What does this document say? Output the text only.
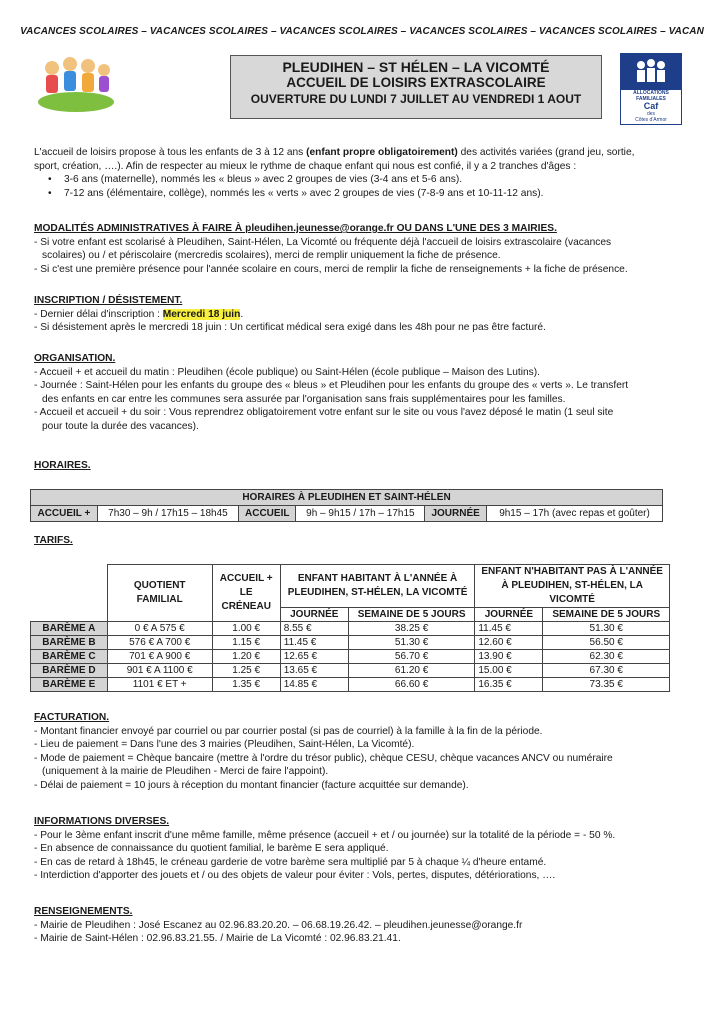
VACANCES SCOLAIRES – VACANCES SCOLAIRES – VACANCES SCOLAIRES – VACANCES SCOLAIRES – VACANCES SCOLAIRES – VACAN
PLEUDIHEN – ST HÉLEN – LA VICOMTÉ
ACCUEIL DE LOISIRS EXTRASCOLAIRE
OUVERTURE DU LUNDI 7 JUILLET AU VENDREDI 1 AOUT	ALLOCATIONS
FAMILIALES
Caf
des
Côtes d'Armor
L'accueil de loisirs propose à tous les enfants de 3 à 12 ans (enfant propre obligatoirement) des activités variées (grand jeu, sortie,
sport, création, ….). Afin de respecter au mieux le rythme de chaque enfant qui nous est confié, il y a 2 tranches d'âges :
• 3-6 ans (maternelle), nommés les « bleus » avec 2 groupes de vies (3-4 ans et 5-6 ans).
• 7-12 ans (élémentaire, collège), nommés les « verts » avec 2 groupes de vies (7-8-9 ans et 10-11-12 ans).
MODALITÉS ADMINISTRATIVES À FAIRE À pleudihen.jeunesse@orange.fr OU DANS L'UNE DES 3 MAIRIES.
- Si votre enfant est scolarisé à Pleudihen, Saint-Hélen, La Vicomté ou fréquente déjà l'accueil de loisirs extrascolaire (vacances
scolaires) ou / et périscolaire (mercredis scolaires), merci de remplir uniquement la fiche de présence.
- Si c'est une première présence pour l'année scolaire en cours, merci de remplir la fiche de renseignements + la fiche de présence.
INSCRIPTION / DÉSISTEMENT.
- Dernier délai d'inscription : Mercredi 18 juin.
- Si désistement après le mercredi 18 juin : Un certificat médical sera exigé dans les 48h pour ne pas être facturé.
ORGANISATION.
- Accueil + et accueil du matin : Pleudihen (école publique) ou Saint-Hélen (école publique – Maison des Lutins).
- Journée : Saint-Hélen pour les enfants du groupe des « bleus » et Pleudihen pour les enfants du groupe des « verts ». Le transfert
des enfants en car entre les communes sera assurée par l'organisation sans frais supplémentaires pour les familles.
- Accueil et accueil + du soir : Vous reprendrez obligatoirement votre enfant sur le site ou vous l'avez déposé le matin (1 seul site
pour toute la durée des vacances).
HORAIRES.
HORAIRES À PLEUDIHEN ET SAINT-HÉLEN
ACCUEIL +	7h30 – 9h / 17h15 – 18h45	ACCUEIL	9h – 9h15 / 17h – 17h15	JOURNÉE	9h15 – 17h (avec repas et goûter)
TARIFS.
	QUOTIENT FAMILIAL	ACCUEIL + LE CRÉNEAU	ENFANT HABITANT À L'ANNÉE À PLEUDIHEN, ST-HÉLEN, LA VICOMTÉ		ENFANT N'HABITANT PAS À L'ANNÉE À PLEUDIHEN, ST-HÉLEN, LA VICOMTÉ	
			JOURNÉE	SEMAINE DE 5 JOURS	JOURNÉE	SEMAINE DE 5 JOURS
BARÈME A	0 € A 575 €	1.00 €	8.55 €	38.25 €	11.45 €	51.30 €
BARÈME B	576 € A 700 €	1.15 €	11.45 €	51.30 €	12.60 €	56.50 €
BARÈME C	701 € A 900 €	1.20 €	12.65 €	56.70 €	13.90 €	62.30 €
BARÈME D	901 € A 1100 €	1.25 €	13.65 €	61.20 €	15.00 €	67.30 €
BARÈME E	1101 € ET +	1.35 €	14.85 €	66.60 €	16.35 €	73.35 €
FACTURATION.
- Montant financier envoyé par courriel ou par courrier postal (si pas de courriel) à la famille à la fin de la période.
- Lieu de paiement = Dans l'une des 3 mairies (Pleudihen, Saint-Hélen, La Vicomté).
- Mode de paiement = Chèque bancaire (mettre à l'ordre du trésor public), chèque CESU, chèque vacances ANCV ou numéraire
(uniquement à la mairie de Pleudihen - Merci de faire l'appoint).
- Délai de paiement = 10 jours à réception du montant financier (facture acquittée sur demande).
INFORMATIONS DIVERSES.
- Pour le 3ème enfant inscrit d'une même famille, même présence (accueil + et / ou journée) sur la totalité de la période = - 50 %.
- En absence de connaissance du quotient familial, le barème E sera appliqué.
- En cas de retard à 18h45, le créneau garderie de votre barème sera multiplié par 5 à chaque ¼ d'heure entamé.
- Interdiction d'apporter des jouets et / ou des objets de valeur pour éviter : Vols, pertes, disputes, détériorations, ….
RENSEIGNEMENTS.
- Mairie de Pleudihen : José Escanez au 02.96.83.20.20. – 06.68.19.26.42. – pleudihen.jeunesse@orange.fr
- Mairie de Saint-Hélen : 02.96.83.21.55. / Mairie de La Vicomté : 02.96.83.21.41.
